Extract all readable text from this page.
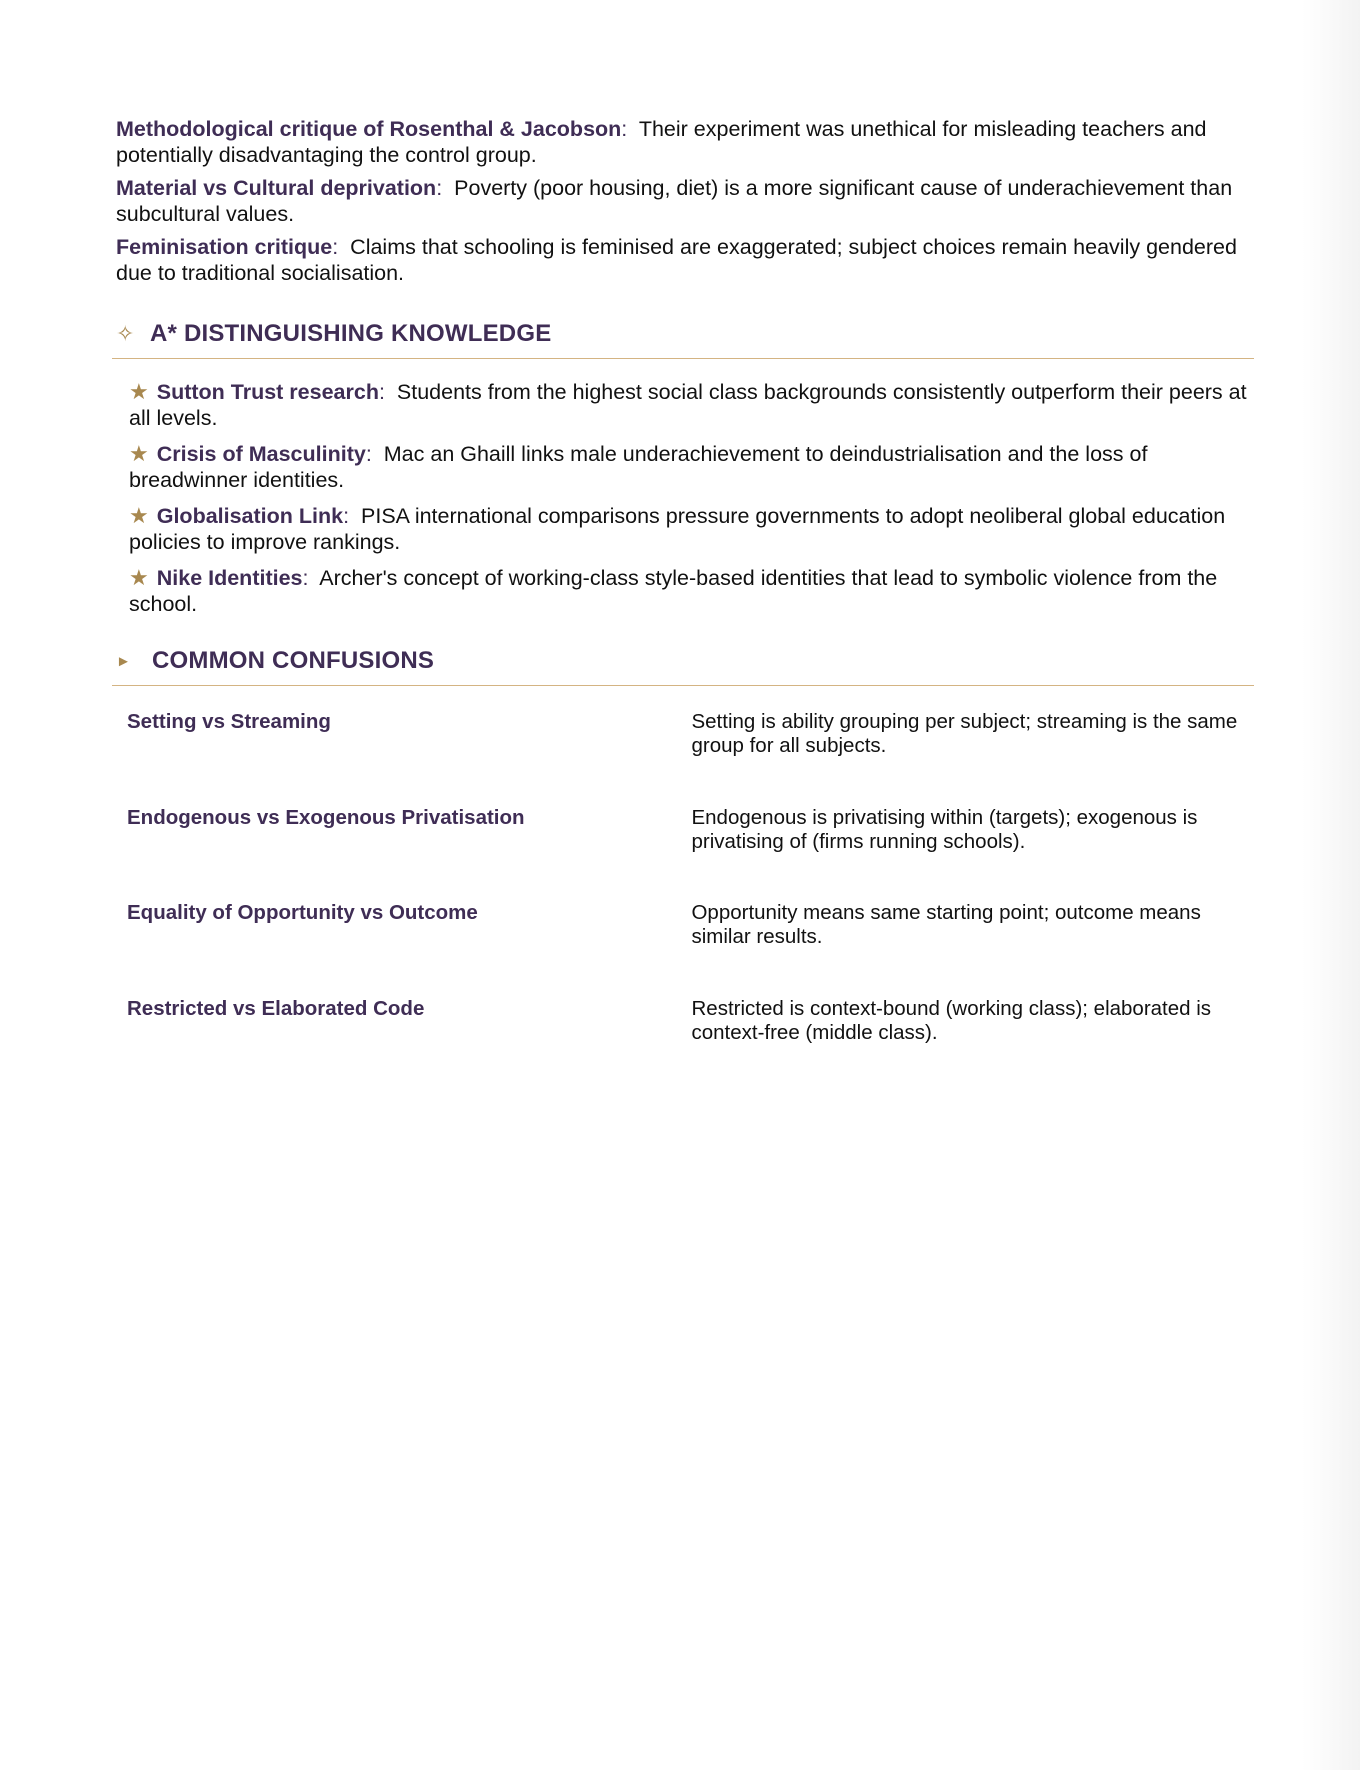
Methodological critique of Rosenthal & Jacobson: Their experiment was unethical for misleading teachers and potentially disadvantaging the control group.

Material vs Cultural deprivation: Poverty (poor housing, diet) is a more significant cause of underachievement than subcultural values.

Feminisation critique: Claims that schooling is feminised are exaggerated; subject choices remain heavily gendered due to traditional socialisation.

✧ A* DISTINGUISHING KNOWLEDGE
★ Sutton Trust research: Students from the highest social class backgrounds consistently outperform their peers at all levels.
★ Crisis of Masculinity: Mac an Ghaill links male underachievement to deindustrialisation and the loss of breadwinner identities.
★ Globalisation Link: PISA international comparisons pressure governments to adopt neoliberal global education policies to improve rankings.
★ Nike Identities: Archer's concept of working-class style-based identities that lead to symbolic violence from the school.
► COMMON CONFUSIONS
Setting vs Streaming	Setting is ability grouping per subject; streaming is the same group for all subjects.
Endogenous vs Exogenous Privatisation	Endogenous is privatising within (targets); exogenous is privatising of (firms running schools).
Equality of Opportunity vs Outcome	Opportunity means same starting point; outcome means similar results.
Restricted vs Elaborated Code	Restricted is context-bound (working class); elaborated is context-free (middle class).
